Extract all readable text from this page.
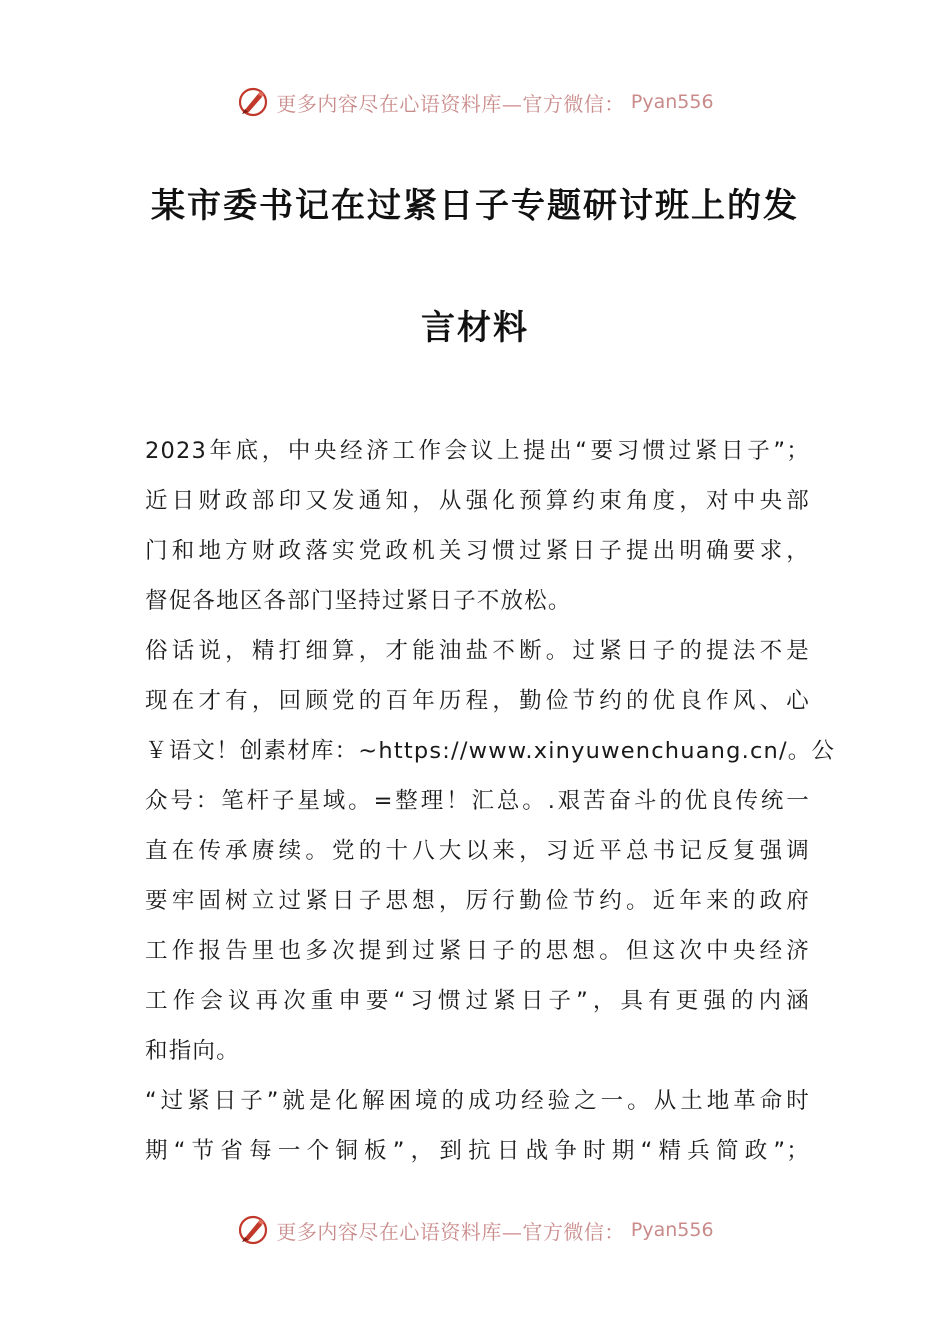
更多内容尽在心语资料库—官方微信： Pyan556
某市委书记在过紧日子专题研讨班上的发
言材料
2023年底，中央经济工作会议上提出“要习惯过紧日子”；
近日财政部印又发通知，从强化预算约束角度，对中央部
门和地方财政落实党政机关习惯过紧日子提出明确要求，
督促各地区各部门坚持过紧日子不放松。
俗话说，精打细算，才能油盐不断。过紧日子的提法不是
现在才有，回顾党的百年历程，勤俭节约的优良作风、心
￥语文！创素材库：~https://www.xinyuwenchuang.cn/。公
众号：笔杆子星域。=整理！汇总。.艰苦奋斗的优良传统一
直在传承赓续。党的十八大以来，习近平总书记反复强调
要牢固树立过紧日子思想，厉行勤俭节约。近年来的政府
工作报告里也多次提到过紧日子的思想。但这次中央经济
工作会议再次重申要“习惯过紧日子”，具有更强的内涵
和指向。
“过紧日子”就是化解困境的成功经验之一。从土地革命时
期“节省每一个铜板”，到抗日战争时期“精兵简政”；
更多内容尽在心语资料库—官方微信： Pyan556
